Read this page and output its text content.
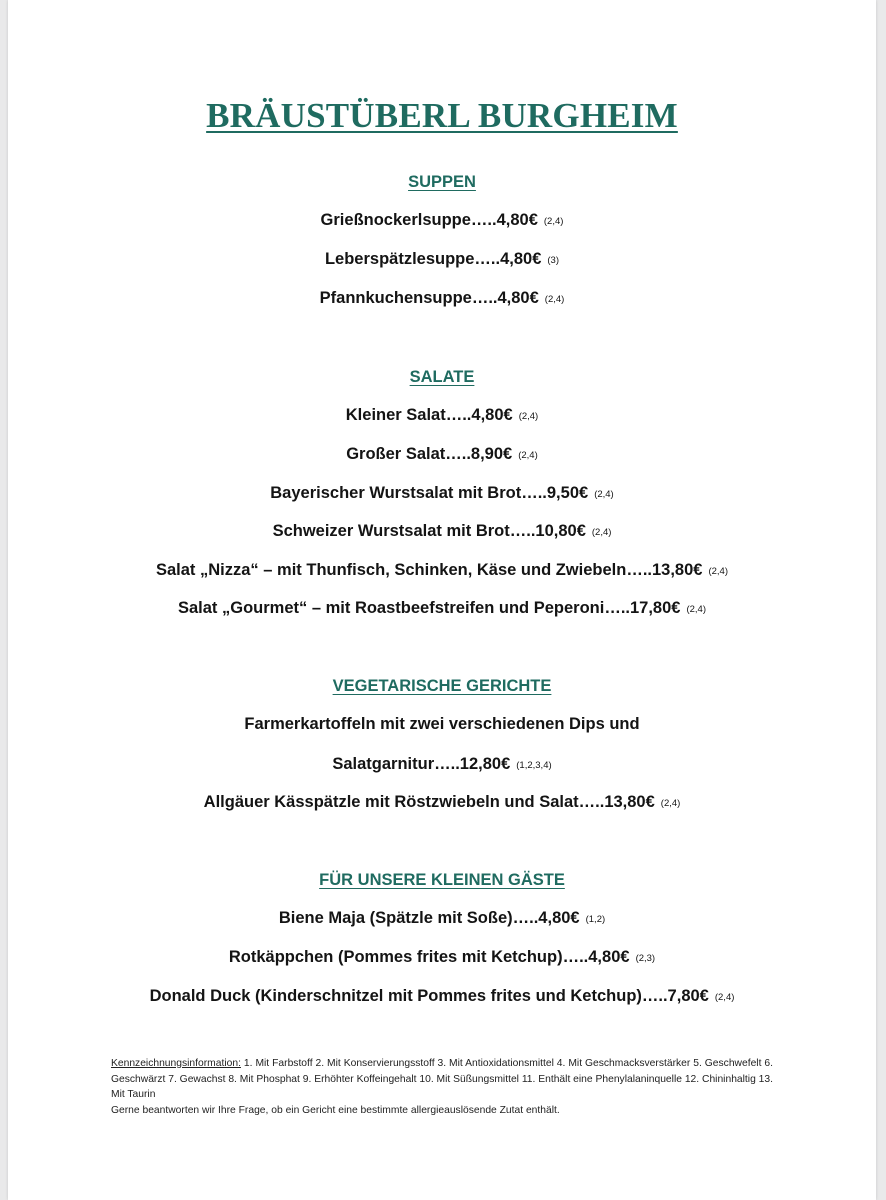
BRÄUSTÜBERL BURGHEIM
SUPPEN
Grießnockerlsuppe…..4,80€ (2,4)
Leberspätzlesuppe…..4,80€ (3)
Pfannkuchensuppe…..4,80€ (2,4)
SALATE
Kleiner Salat…..4,80€ (2,4)
Großer Salat…..8,90€ (2,4)
Bayerischer Wurstsalat mit Brot…..9,50€ (2,4)
Schweizer Wurstsalat mit Brot…..10,80€ (2,4)
Salat „Nizza“ – mit Thunfisch, Schinken, Käse und Zwiebeln…..13,80€ (2,4)
Salat „Gourmet“ – mit Roastbeefstreifen und Peperoni…..17,80€ (2,4)
VEGETARISCHE GERICHTE
Farmerkartoffeln mit zwei verschiedenen Dips und
Salatgarnitur…..12,80€ (1,2,3,4)
Allgäuer Kässpätzle mit Röstzwiebeln und Salat…..13,80€ (2,4)
FÜR UNSERE KLEINEN GÄSTE
Biene Maja (Spätzle mit Soße)…..4,80€ (1,2)
Rotkäppchen (Pommes frites mit Ketchup)…..4,80€ (2,3)
Donald Duck (Kinderschnitzel mit Pommes frites und Ketchup)…..7,80€ (2,4)
Kennzeichnungsinformation: 1. Mit Farbstoff 2. Mit Konservierungsstoff 3. Mit Antioxidationsmittel 4. Mit Geschmacksverstärker 5. Geschwefelt 6. Geschwärzt 7. Gewachst 8. Mit Phosphat 9. Erhöhter Koffeingehalt 10. Mit Süßungsmittel 11. Enthält eine Phenylalaninquelle 12. Chininhaltig 13. Mit Taurin
Gerne beantworten wir Ihre Frage, ob ein Gericht eine bestimmte allergieauslösende Zutat enthält.
